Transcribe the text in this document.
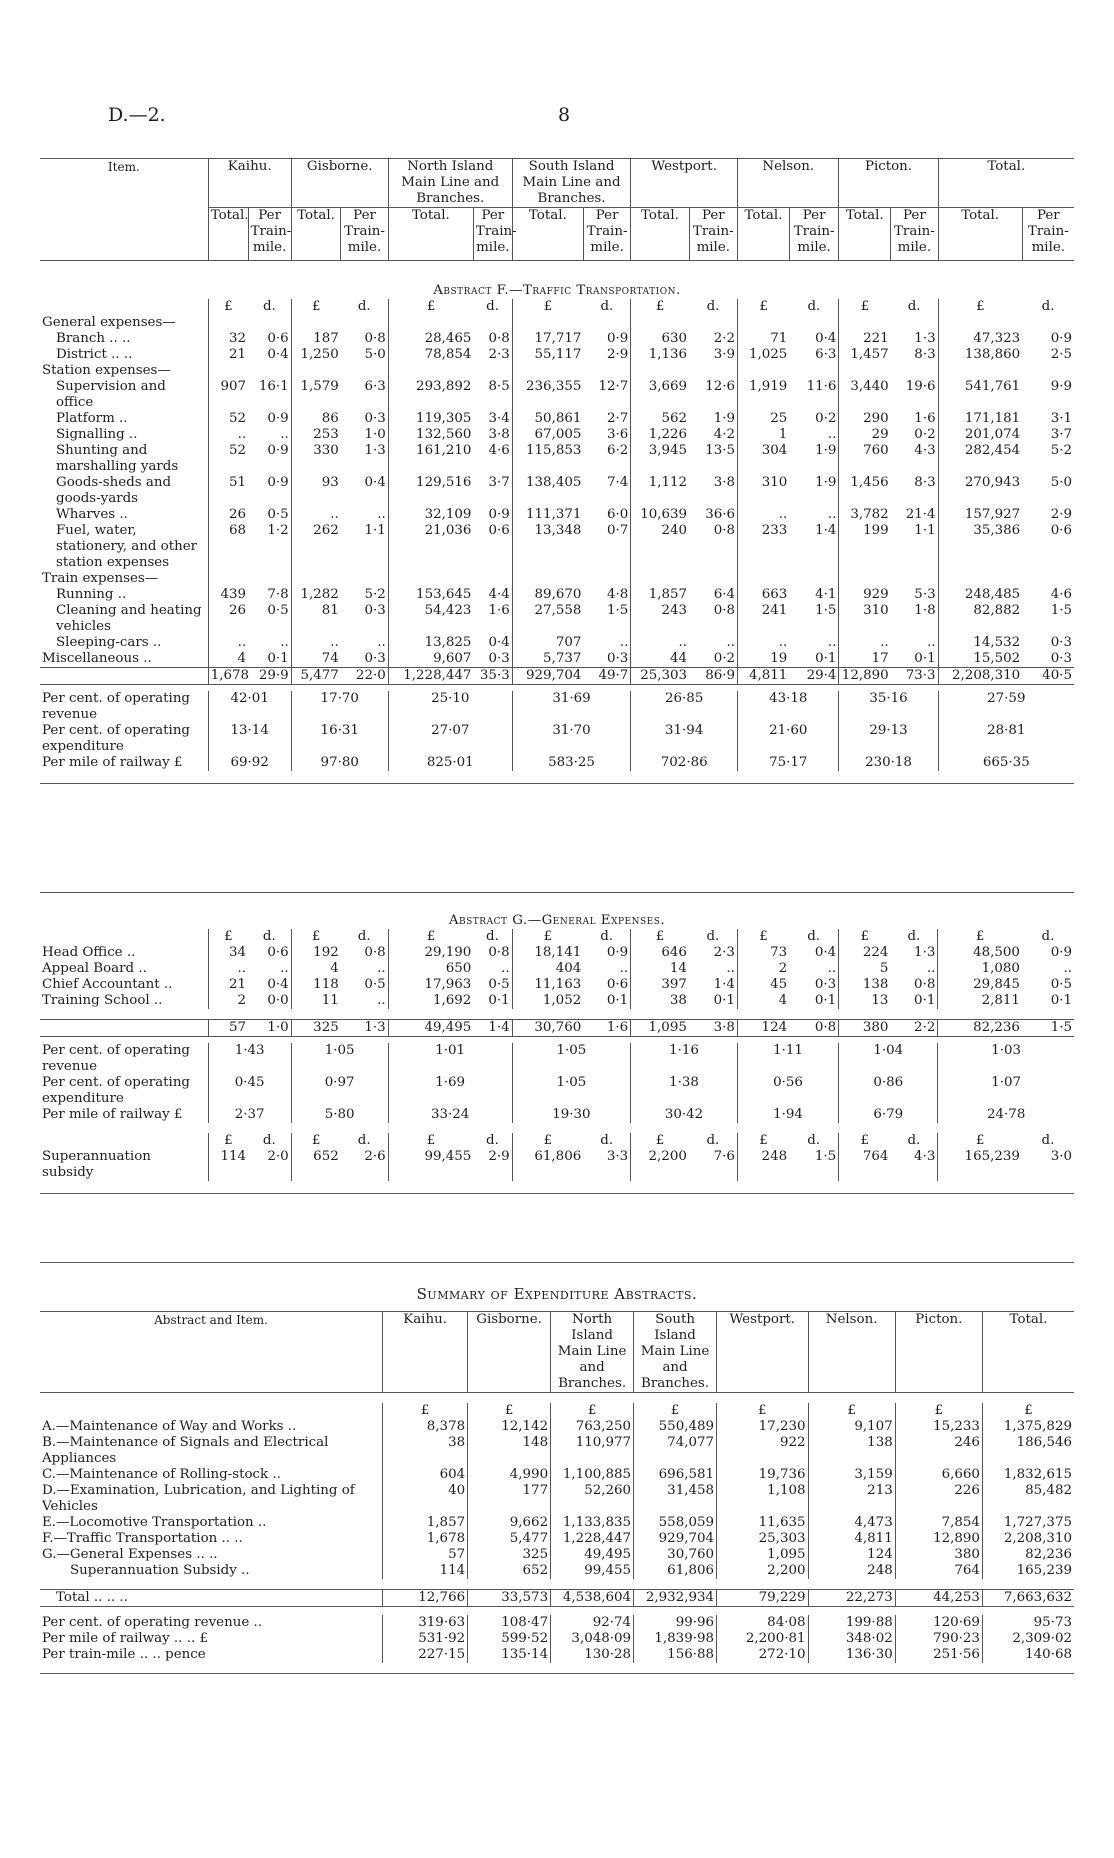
D.—2.	8
Item.	Kaihu.		Gisborne.		North Island Main Line and Branches.		South Island Main Line and Branches.		Westport.		Nelson.		Picton.		Total.	
	Total.	Per Train-mile.	Total.	Per Train-mile.	Total.	Per Train-mile.	Total.	Per Train-mile.	Total.	Per Train-mile.	Total.	Per Train-mile.	Total.	Per Train-mile.	Total.	Per Train-mile.
Abstract F.—Traffic Transportation.																
	£	d.	£	d.	£	d.	£	d.	£	d.	£	d.	£	d.	£	d.
General expenses—																
Branch .. ..	32	0·6	187	0·8	28,465	0·8	17,717	0·9	630	2·2	71	0·4	221	1·3	47,323	0·9
District .. ..	21	0·4	1,250	5·0	78,854	2·3	55,117	2·9	1,136	3·9	1,025	6·3	1,457	8·3	138,860	2·5
Station expenses—																
Supervision and office	907	16·1	1,579	6·3	293,892	8·5	236,355	12·7	3,669	12·6	1,919	11·6	3,440	19·6	541,761	9·9
Platform ..	52	0·9	86	0·3	119,305	3·4	50,861	2·7	562	1·9	25	0·2	290	1·6	171,181	3·1
Signalling ..	..	..	253	1·0	132,560	3·8	67,005	3·6	1,226	4·2	1	..	29	0·2	201,074	3·7
Shunting and marshalling yards	52	0·9	330	1·3	161,210	4·6	115,853	6·2	3,945	13·5	304	1·9	760	4·3	282,454	5·2
Goods-sheds and goods-yards	51	0·9	93	0·4	129,516	3·7	138,405	7·4	1,112	3·8	310	1·9	1,456	8·3	270,943	5·0
Wharves ..	26	0·5	..	..	32,109	0·9	111,371	6·0	10,639	36·6	..	..	3,782	21·4	157,927	2·9
Fuel, water, stationery, and other station expenses	68	1·2	262	1·1	21,036	0·6	13,348	0·7	240	0·8	233	1·4	199	1·1	35,386	0·6
Train expenses—																
Running ..	439	7·8	1,282	5·2	153,645	4·4	89,670	4·8	1,857	6·4	663	4·1	929	5·3	248,485	4·6
Cleaning and heating vehicles	26	0·5	81	0·3	54,423	1·6	27,558	1·5	243	0·8	241	1·5	310	1·8	82,882	1·5
Sleeping-cars ..	..	..	..	..	13,825	0·4	707	..	..	..	..	..	..	..	14,532	0·3
Miscellaneous ..	4	0·1	74	0·3	9,607	0·3	5,737	0·3	44	0·2	19	0·1	17	0·1	15,502	0·3
	1,678	29·9	5,477	22·0	1,228,447	35·3	929,704	49·7	25,303	86·9	4,811	29·4	12,890	73·3	2,208,310	40·5

Per cent. of operating revenue	42·01		17·70		25·10		31·69		26·85		43·18		35·16		27·59	
Per cent. of operating expenditure	13·14		16·31		27·07		31·70		31·94		21·60		29·13		28·81	
Per mile of railway £	69·92		97·80		825·01		583·25		702·86		75·17		230·18		665·35	

Abstract G.—General Expenses.																
	£	d.	£	d.	£	d.	£	d.	£	d.	£	d.	£	d.	£	d.
Head Office ..	34	0·6	192	0·8	29,190	0·8	18,141	0·9	646	2·3	73	0·4	224	1·3	48,500	0·9
Appeal Board ..	..	..	4	..	650	..	404	..	14	..	2	..	5	..	1,080	..
Chief Accountant ..	21	0·4	118	0·5	17,963	0·5	11,163	0·6	397	1·4	45	0·3	138	0·8	29,845	0·5
Training School ..	2	0·0	11	..	1,692	0·1	1,052	0·1	38	0·1	4	0·1	13	0·1	2,811	0·1

	57	1·0	325	1·3	49,495	1·4	30,760	1·6	1,095	3·8	124	0·8	380	2·2	82,236	1·5

Per cent. of operating revenue	1·43		1·05		1·01		1·05		1·16		1·11		1·04		1·03	
Per cent. of operating expenditure	0·45		0·97		1·69		1·05		1·38		0·56		0·86		1·07	
Per mile of railway £	2·37		5·80		33·24		19·30		30·42		1·94		6·79		24·78	

	£	d.	£	d.	£	d.	£	d.	£	d.	£	d.	£	d.	£	d.
Superannuation subsidy	114	2·0	652	2·6	99,455	2·9	61,806	3·3	2,200	7·6	248	1·5	764	4·3	165,239	3·0

Summary of Expenditure Abstracts.
Abstract and Item.	Kaihu.	Gisborne.	North Island Main Line and Branches.	South Island Main Line and Branches.	Westport.	Nelson.	Picton.	Total.

	£	£	£	£	£	£	£	£
A.—Maintenance of Way and Works ..	8,378	12,142	763,250	550,489	17,230	9,107	15,233	1,375,829
B.—Maintenance of Signals and Electrical Appliances	38	148	110,977	74,077	922	138	246	186,546
C.—Maintenance of Rolling-stock ..	604	4,990	1,100,885	696,581	19,736	3,159	6,660	1,832,615
D.—Examination, Lubrication, and Lighting of Vehicles	40	177	52,260	31,458	1,108	213	226	85,482
E.—Locomotive Transportation ..	1,857	9,662	1,133,835	558,059	11,635	4,473	7,854	1,727,375
F.—Traffic Transportation .. ..	1,678	5,477	1,228,447	929,704	25,303	4,811	12,890	2,208,310
G.—General Expenses .. ..	57	325	49,495	30,760	1,095	124	380	82,236
Superannuation Subsidy ..	114	652	99,455	61,806	2,200	248	764	165,239

Total .. .. ..	12,766	33,573	4,538,604	2,932,934	79,229	22,273	44,253	7,663,632

Per cent. of operating revenue ..	319·63	108·47	92·74	99·96	84·08	199·88	120·69	95·73
Per mile of railway .. .. £	531·92	599·52	3,048·09	1,839·98	2,200·81	348·02	790·23	2,309·02
Per train-mile .. .. pence	227·15	135·14	130·28	156·88	272·10	136·30	251·56	140·68
